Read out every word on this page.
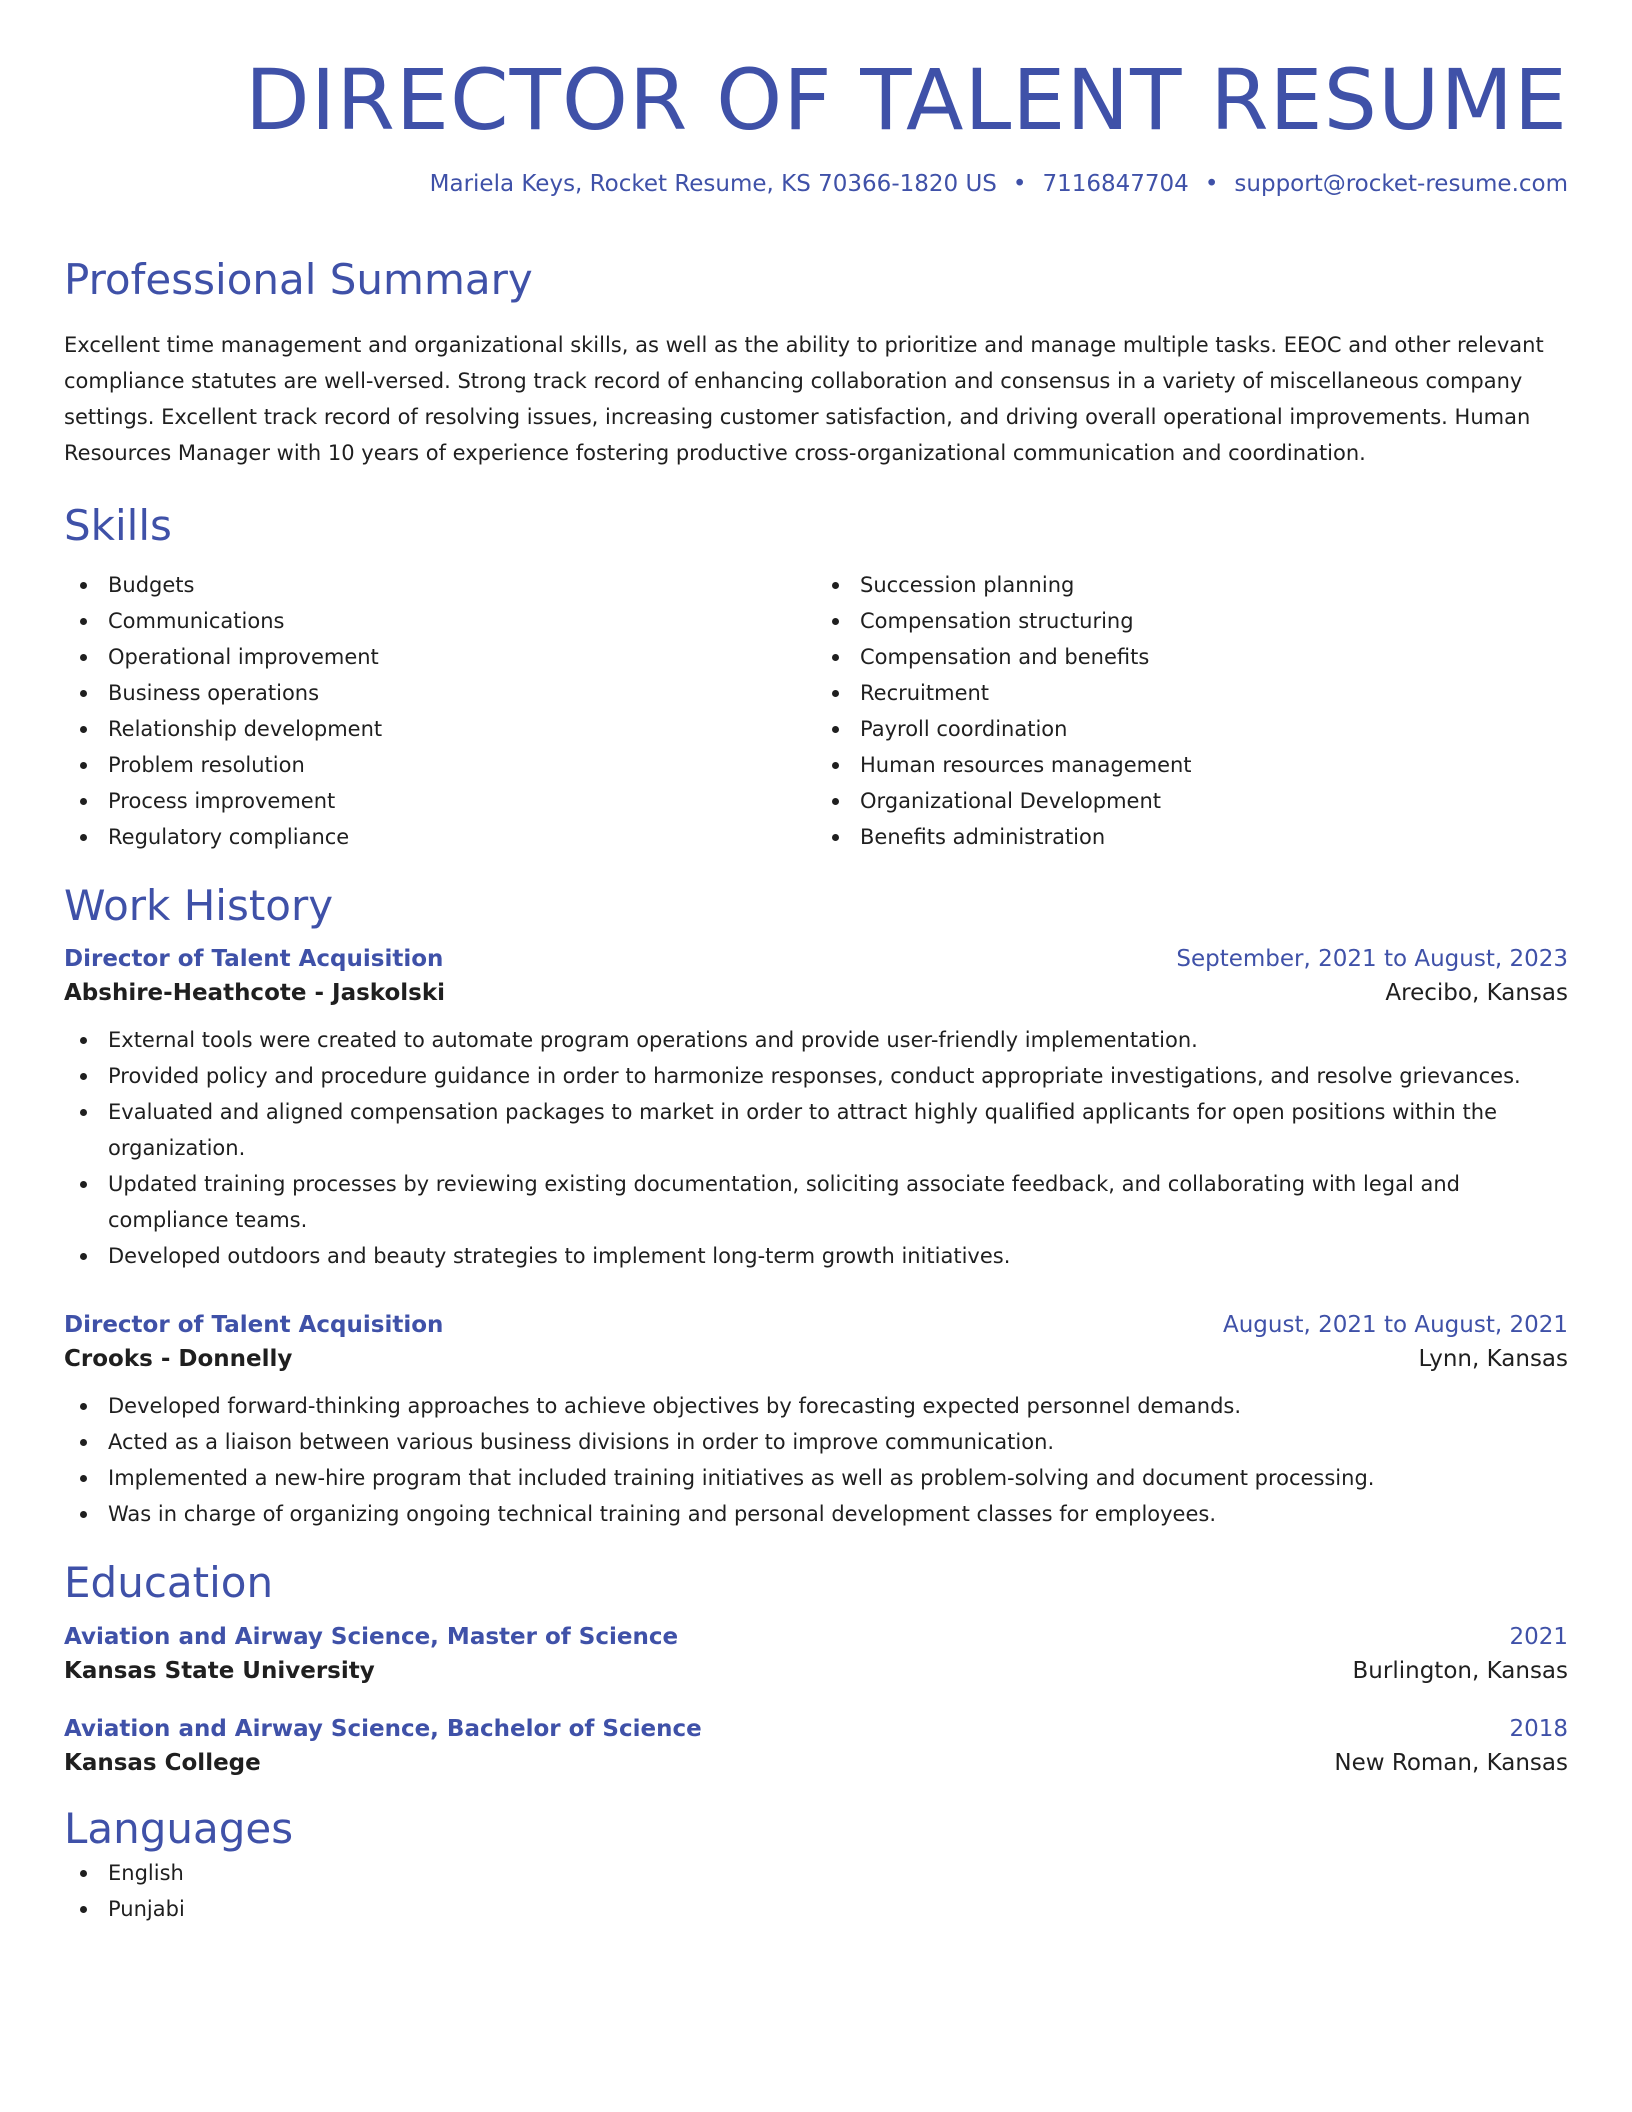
DIRECTOR OF TALENT RESUME
Mariela Keys, Rocket Resume, KS 70366-1820 US • 7116847704 • support@rocket-resume.com
Professional Summary

Excellent time management and organizational skills, as well as the ability to prioritize and manage multiple tasks. EEOC and other relevant compliance statutes are well-versed. Strong track record of enhancing collaboration and consensus in a variety of miscellaneous company settings. Excellent track record of resolving issues, increasing customer satisfaction, and driving overall operational improvements. Human Resources Manager with 10 years of experience fostering productive cross-organizational communication and coordination.

Skills
Budgets
Communications
Operational improvement
Business operations
Relationship development
Problem resolution
Process improvement
Regulatory compliance
Succession planning
Compensation structuring
Compensation and benefits
Recruitment
Payroll coordination
Human resources management
Organizational Development
Benefits administration
Work History
Director of Talent Acquisition	September, 2021 to August, 2023
Abshire-Heathcote - Jaskolski	Arecibo, Kansas
External tools were created to automate program operations and provide user-friendly implementation.
Provided policy and procedure guidance in order to harmonize responses, conduct appropriate investigations, and resolve grievances.
Evaluated and aligned compensation packages to market in order to attract highly qualified applicants for open positions within the organization.
Updated training processes by reviewing existing documentation, soliciting associate feedback, and collaborating with legal and compliance teams.
Developed outdoors and beauty strategies to implement long-term growth initiatives.
Director of Talent Acquisition	August, 2021 to August, 2021
Crooks - Donnelly	Lynn, Kansas
Developed forward-thinking approaches to achieve objectives by forecasting expected personnel demands.
Acted as a liaison between various business divisions in order to improve communication.
Implemented a new-hire program that included training initiatives as well as problem-solving and document processing.
Was in charge of organizing ongoing technical training and personal development classes for employees.
Education
Aviation and Airway Science, Master of Science	2021
Kansas State University	Burlington, Kansas
Aviation and Airway Science, Bachelor of Science	2018
Kansas College	New Roman, Kansas
Languages
English
Punjabi
